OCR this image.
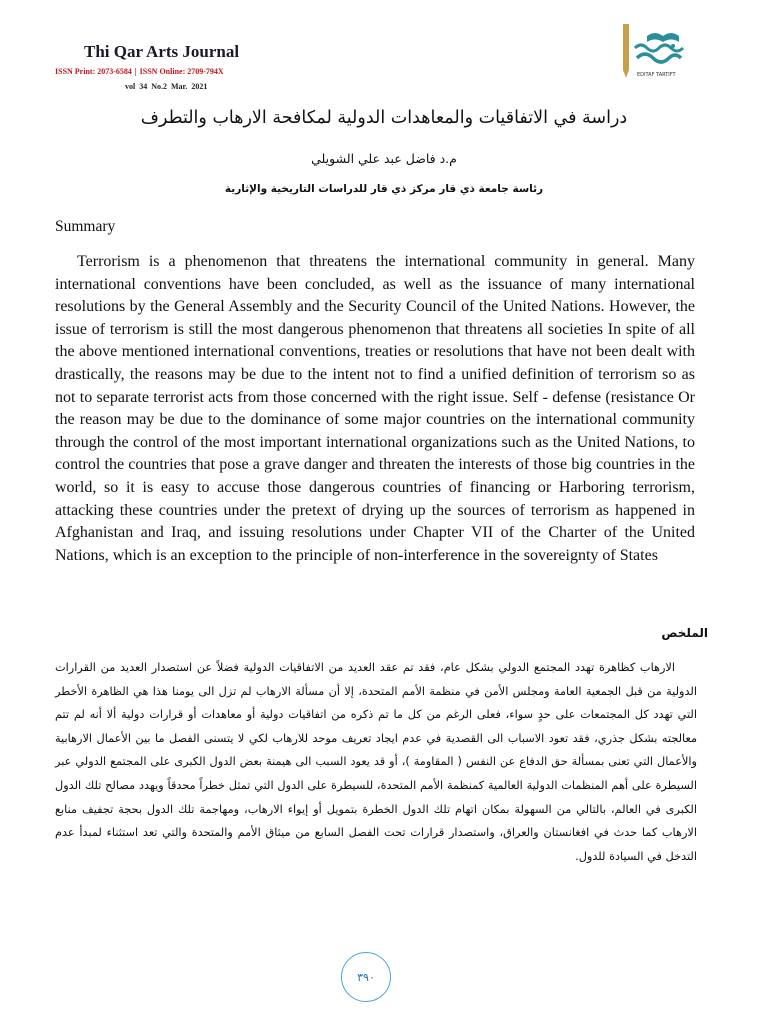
Thi Qar Arts Journal
ISSN Print: 2073-6584 | ISSN Online: 2709-794X
vol 34 No.2 Mar. 2021
EDITAF TARTIFT
دراسة في الاتفاقيات والمعاهدات الدولية لمكافحة الارهاب والتطرف
م.د فاضل عبد علي الشويلي
رئاسة جامعة ذي قار مركز ذي قار للدراسات التاريخية والإثارية
Summary
Terrorism is a phenomenon that threatens the international community in general. Many international conventions have been concluded, as well as the issuance of many international resolutions by the General Assembly and the Security Council of the United Nations. However, the issue of terrorism is still the most dangerous phenomenon that threatens all societies In spite of all the above mentioned international conventions, treaties or resolutions that have not been dealt with drastically, the reasons may be due to the intent not to find a unified definition of terrorism so as not to separate terrorist acts from those concerned with the right issue. Self - defense (resistance Or the reason may be due to the dominance of some major countries on the international community through the control of the most important international organizations such as the United Nations, to control the countries that pose a grave danger and threaten the interests of those big countries in the world, so it is easy to accuse those dangerous countries of financing or Harboring terrorism, attacking these countries under the pretext of drying up the sources of terrorism as happened in Afghanistan and Iraq, and issuing resolutions under Chapter VII of the Charter of the United Nations, which is an exception to the principle of non-interference in the sovereignty of States
الملخص
الارهاب كظاهرة تهدد المجتمع الدولي بشكل عام، فقد تم عقد العديد من الاتفاقيات الدولية فضلاً عن استصدار العديد من القرارات الدولية من قبل الجمعية العامة ومجلس الأمن في منظمة الأمم المتحدة، إلا أن مسألة الارهاب لم تزل الى يومنا هذا هي الظاهرة الأخطر التي تهدد كل المجتمعات على حدٍ سواء، فعلى الرغم من كل ما تم ذكره من اتفاقيات دولية أو معاهدات أو قرارات دولية ألا أنه لم تتم معالجته بشكل جذري، فقد تعود الاسباب الى القصدية في عدم ايجاد تعريف موحد للارهاب لكي لا يتسنى الفصل ما بين الأعمال الارهابية والأعمال التي تعنى بمسألة حق الدفاع عن النفس ( المقاومة )، أو قد يعود السبب الى هيمنة بعض الدول الكبرى على المجتمع الدولي عبر السيطرة على أهم المنظمات الدولية العالمية كمنظمة الأمم المتحدة، للسيطرة على الدول التي تمثل خطراً محدقاً ويهدد مصالح تلك الدول الكبرى في العالم، بالتالي من السهولة بمكان اتهام تلك الدول الخطرة بتمويل أو إيواء الارهاب، ومهاجمة تلك الدول بحجة تجفيف منابع الارهاب كما حدث في افغانستان والعراق، واستصدار قرارات تحت الفصل السابع من ميثاق الأمم والمتحدة والتي تعد استثناء لمبدأ عدم التدخل في السيادة للدول.
٣٩٠
